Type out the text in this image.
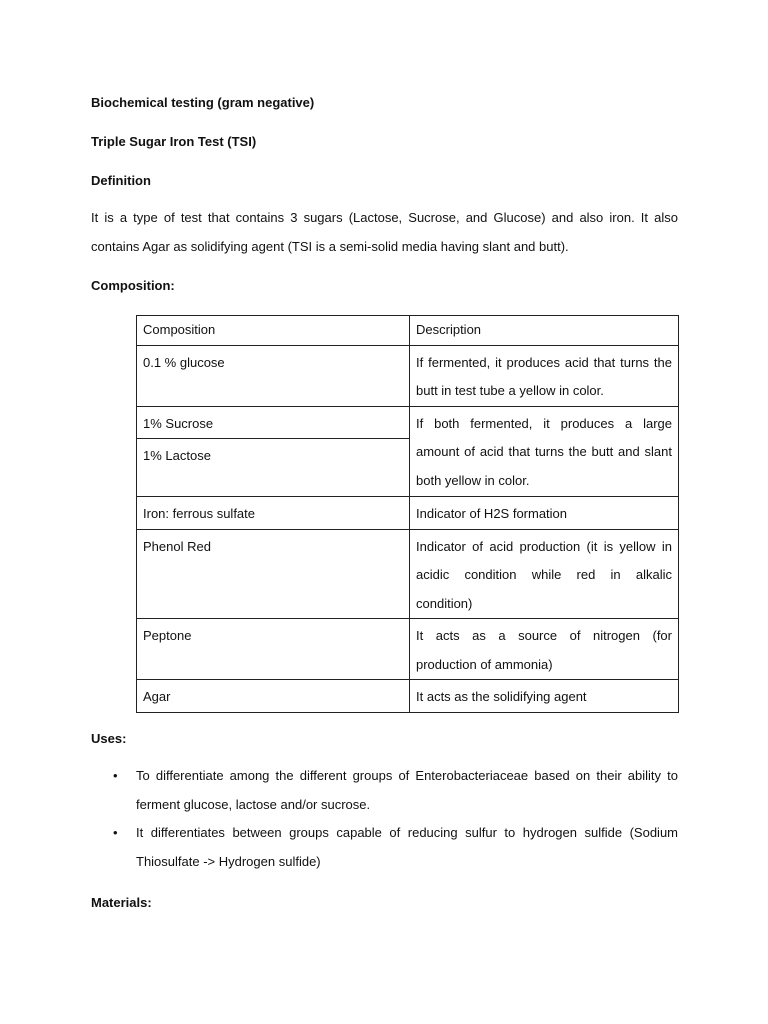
Biochemical testing (gram negative)
Triple Sugar Iron Test (TSI)
Definition
It is a type of test that contains 3 sugars (Lactose, Sucrose, and Glucose) and also iron. It also contains Agar as solidifying agent (TSI is a semi-solid media having slant and butt).
Composition:
Composition	Description
0.1 % glucose	If fermented, it produces acid that turns the butt in test tube a yellow in color.
1% Sucrose	If both fermented, it produces a large amount of acid that turns the butt and slant both yellow in color.
1% Lactose	
Iron: ferrous sulfate	Indicator of H2S formation
Phenol Red	Indicator of acid production (it is yellow in acidic condition while red in alkalic condition)
Peptone	It acts as a source of nitrogen (for production of ammonia)
Agar	It acts as the solidifying agent
Uses:
• To differentiate among the different groups of Enterobacteriaceae based on their ability to ferment glucose, lactose and/or sucrose.
• It differentiates between groups capable of reducing sulfur to hydrogen sulfide (Sodium Thiosulfate -> Hydrogen sulfide)
Materials:
